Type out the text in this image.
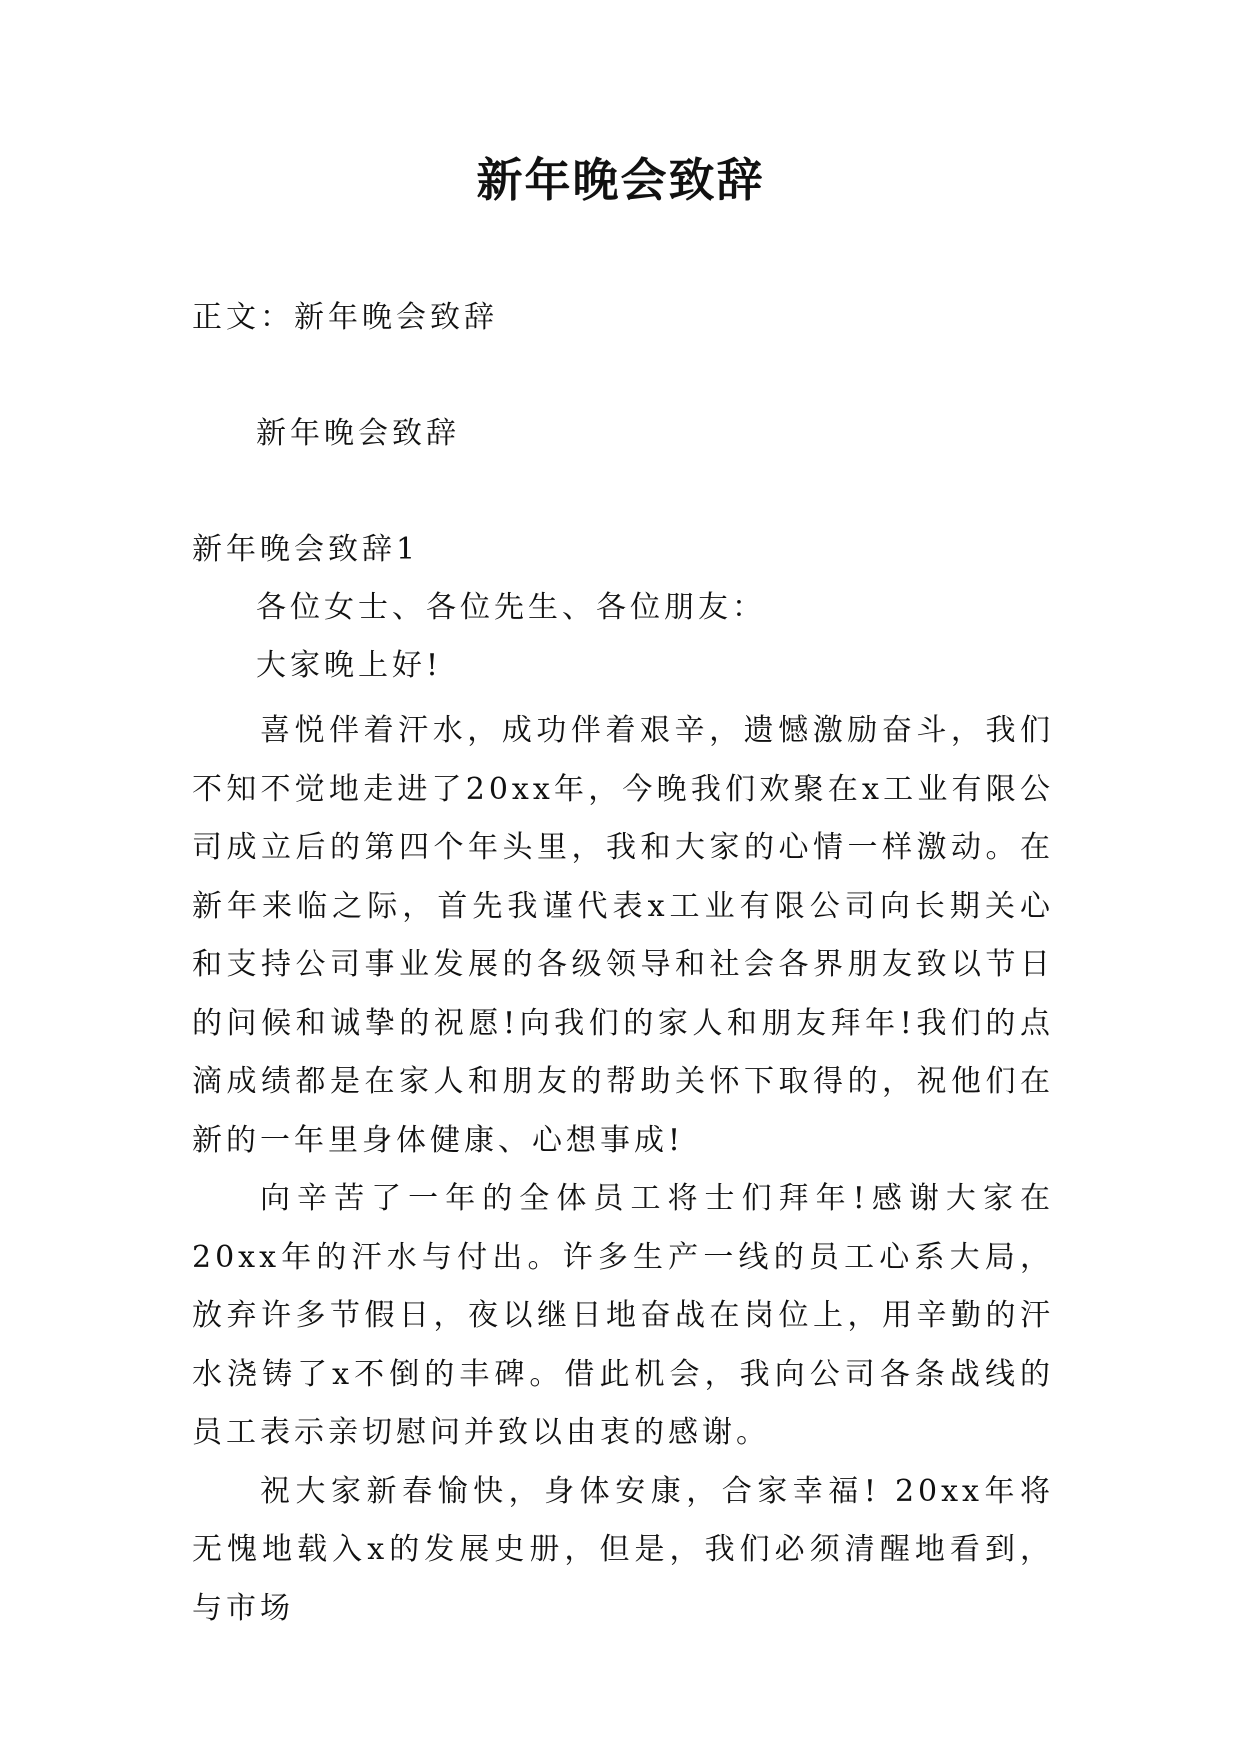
新年晚会致辞
正文：新年晚会致辞
新年晚会致辞
新年晚会致辞1
各位女士、各位先生、各位朋友：
大家晚上好!

喜悦伴着汗水，成功伴着艰辛，遗憾激励奋斗，我们不知不觉地走进了20xx年，今晚我们欢聚在x工业有限公司成立后的第四个年头里，我和大家的心情一样激动。在新年来临之际，首先我谨代表x工业有限公司向长期关心和支持公司事业发展的各级领导和社会各界朋友致以节日的问候和诚挚的祝愿!向我们的家人和朋友拜年!我们的点滴成绩都是在家人和朋友的帮助关怀下取得的，祝他们在新的一年里身体健康、心想事成!

向辛苦了一年的全体员工将士们拜年!感谢大家在20xx年的汗水与付出。许多生产一线的员工心系大局，放弃许多节假日，夜以继日地奋战在岗位上，用辛勤的汗水浇铸了x不倒的丰碑。借此机会，我向公司各条战线的员工表示亲切慰问并致以由衷的感谢。

祝大家新春愉快，身体安康，合家幸福! 20xx年将无愧地载入x的发展史册，但是，我们必须清醒地看到，与市场
